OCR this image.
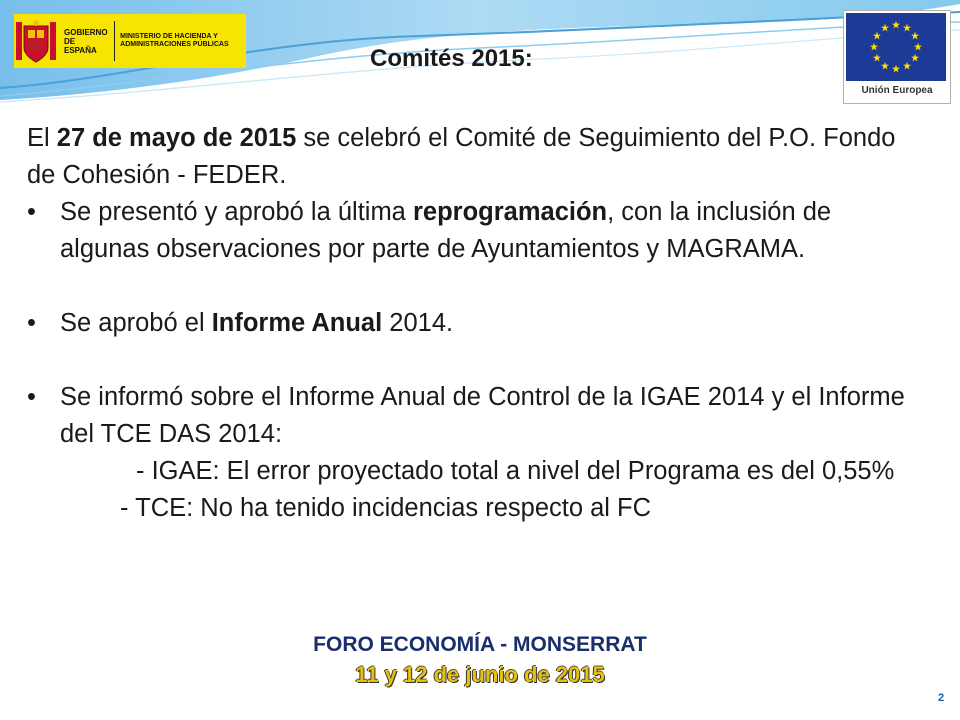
GOBIERNO DE ESPAÑA
MINISTERIO DE HACIENDA Y ADMINISTRACIONES PÚBLICAS
Unión Europea
Comités 2015:

El 27 de mayo de 2015 se celebró el Comité de Seguimiento del P.O. Fondo de Cohesión - FEDER.

• Se presentó y aprobó la última reprogramación, con la inclusión de algunas observaciones por parte de Ayuntamientos y MAGRAMA.

• Se aprobó el Informe Anual 2014.

• Se informó sobre el Informe Anual de Control de la IGAE 2014 y el Informe del TCE DAS 2014:

- IGAE: El error proyectado total a nivel del Programa es del 0,55%

- TCE: No ha tenido incidencias respecto al FC

FORO ECONOMÍA - MONSERRAT
11 y 12 de junio de 2015
2
